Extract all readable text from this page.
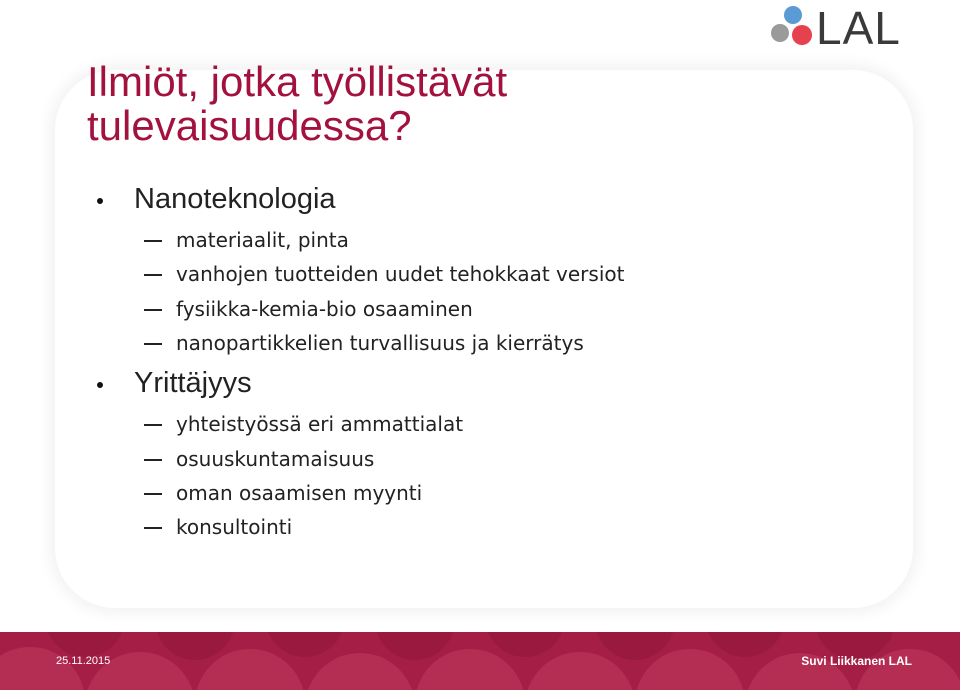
LAL
Ilmiöt, jotka työllistävät
tulevaisuudessa?
Nanoteknologia
materiaalit, pinta
vanhojen tuotteiden uudet tehokkaat versiot
fysiikka-kemia-bio osaaminen
nanopartikkelien turvallisuus ja kierrätys
Yrittäjyys
yhteistyössä eri ammattialat
osuuskuntamaisuus
oman osaamisen myynti
konsultointi
25.11.2015	Suvi Liikkanen LAL
